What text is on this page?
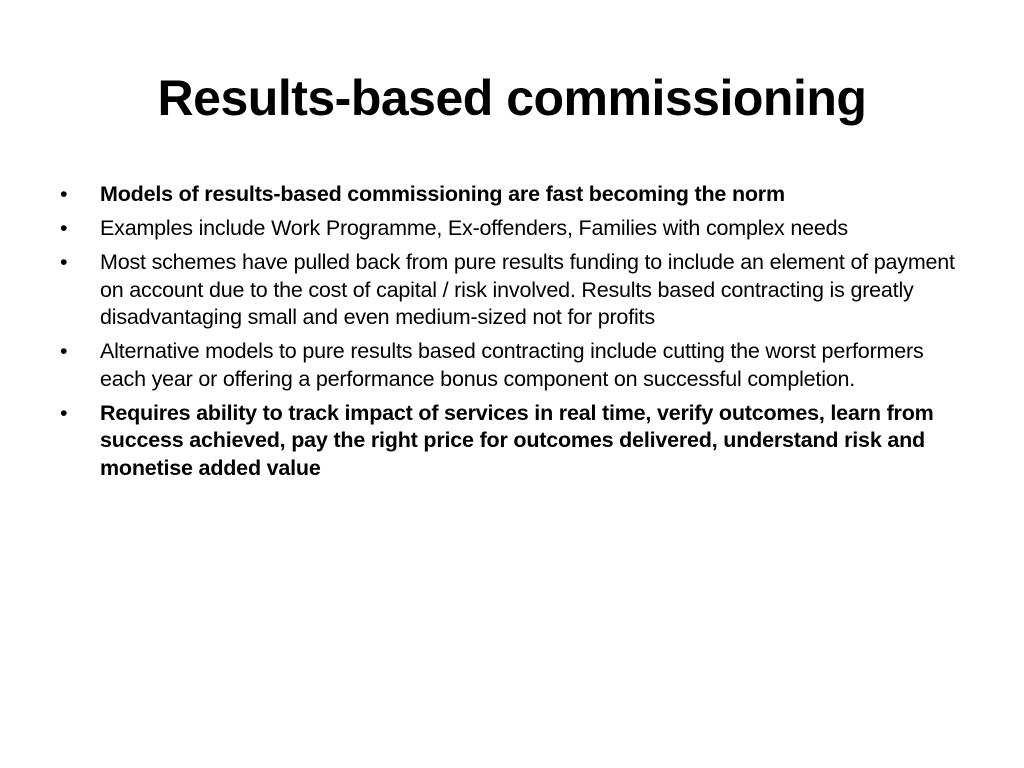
Results-based commissioning
•	Models of results-based commissioning are fast becoming the norm
•	Examples include Work Programme, Ex-offenders, Families with complex needs
•	Most schemes have pulled back from pure results funding to include an element of payment on account due to the cost of capital / risk involved. Results based contracting is greatly disadvantaging small and even medium-sized not for profits
•	Alternative models to pure results based contracting include cutting the worst performers each year or offering a performance bonus component on successful completion.
•	Requires ability to track impact of services in real time, verify outcomes, learn from success achieved, pay the right price for outcomes delivered, understand risk and monetise added value
